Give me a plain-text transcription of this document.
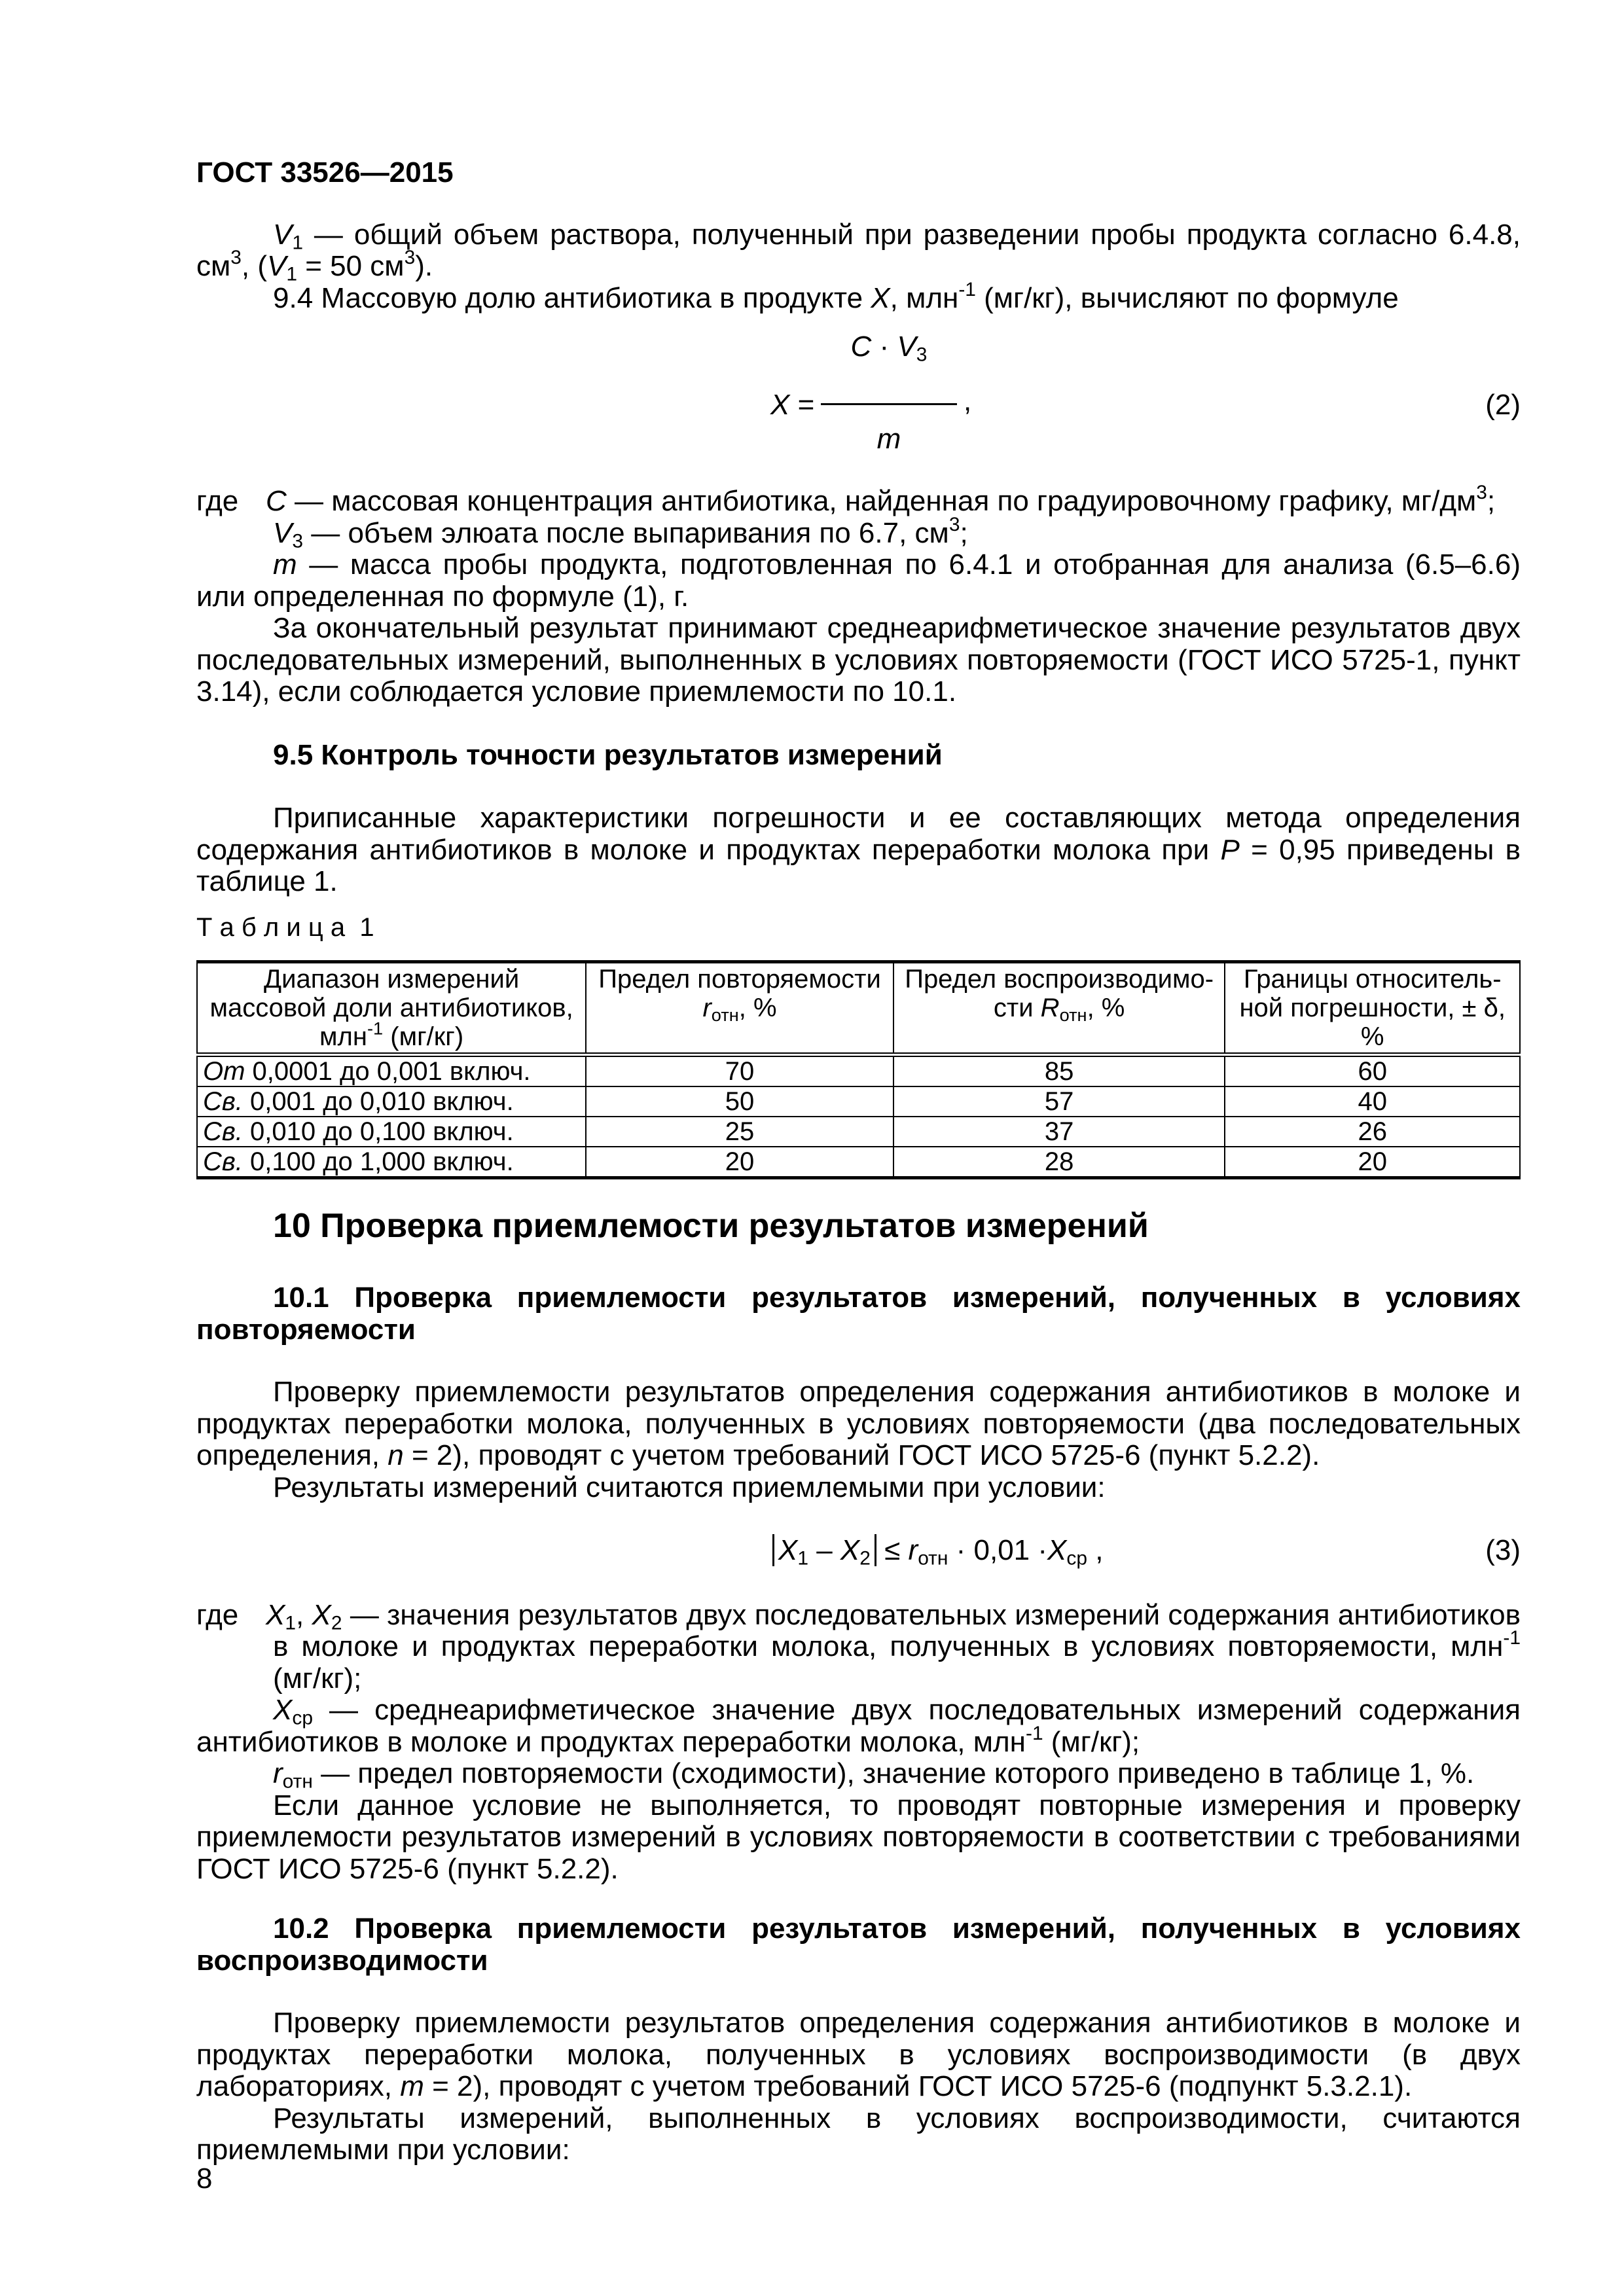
ГОСТ 33526—2015
$V_1$ — общий объем раствора, полученный при разведении пробы продукта согласно 6.4.8, $см^3$, ($V_1 = 50$ $см^3$).
9.4 Массовую долю антибиотика в продукте X, млн$^{-1}$ (мг/кг), вычисляют по формуле
$C \cdot V_3$
X =	,
m
(2)
где C — массовая концентрация антибиотика, найденная по градуировочному графику, $мг/дм^3$;
$V_3$ — объем элюата после выпаривания по 6.7, $см^3$;
m — масса пробы продукта, подготовленная по 6.4.1 и отобранная для анализа (6.5–6.6) или определенная по формуле (1), г.
За окончательный результат принимают среднеарифметическое значение результатов двух последовательных измерений, выполненных в условиях повторяемости (ГОСТ ИСО 5725-1, пункт 3.14), если соблюдается условие приемлемости по 10.1.
9.5 Контроль точности результатов измерений
Приписанные характеристики погрешности и ее составляющих метода определения содержания антибиотиков в молоке и продуктах переработки молока при P = 0,95 приведены в таблице 1.
Т а б л и ц а  1
Диапазон измерений массовой доли антибиотиков, млн$^{-1}$ (мг/кг)	Предел повторяемости $r_{отн}$, %	Предел воспроизводимо-сти $R_{отн}$, %	Границы относитель-ной погрешности, ± δ, %
От 0,0001 до 0,001 включ.	70	85	60
Св. 0,001 до 0,010 включ.	50	57	40
Св. 0,010 до 0,100 включ.	25	37	26
Св. 0,100 до 1,000 включ.	20	28	20
10 Проверка приемлемости результатов измерений
10.1 Проверка приемлемости результатов измерений, полученных в условиях повторяемости
Проверку приемлемости результатов определения содержания антибиотиков в молоке и продуктах переработки молока, полученных в условиях повторяемости (два последовательных определения, n = 2), проводят с учетом требований ГОСТ ИСО 5725-6 (пункт 5.2.2).
Результаты измерений считаются приемлемыми при условии:
$X_1 - X_2 \le r_{отн} \cdot 0,01 \cdot X_{ср}$ ,	(3)
где $X_1$, $X_2$ — значения результатов двух последовательных измерений содержания антибиотиков в молоке и продуктах переработки молока, полученных в условиях повторяемости, млн$^{-1}$ (мг/кг);
$X_{ср}$ — среднеарифметическое значение двух последовательных измерений содержания антибиотиков в молоке и продуктах переработки молока, млн$^{-1}$ (мг/кг);
$r_{отн}$ — предел повторяемости (сходимости), значение которого приведено в таблице 1, %.
Если данное условие не выполняется, то проводят повторные измерения и проверку приемлемости результатов измерений в условиях повторяемости в соответствии с требованиями ГОСТ ИСО 5725-6 (пункт 5.2.2).
10.2 Проверка приемлемости результатов измерений, полученных в условиях воспроизводимости
Проверку приемлемости результатов определения содержания антибиотиков в молоке и продуктах переработки молока, полученных в условиях воспроизводимости (в двух лабораториях, m = 2), проводят с учетом требований ГОСТ ИСО 5725-6 (подпункт 5.3.2.1).
Результаты измерений, выполненных в условиях воспроизводимости, считаются приемлемыми при условии:
8
